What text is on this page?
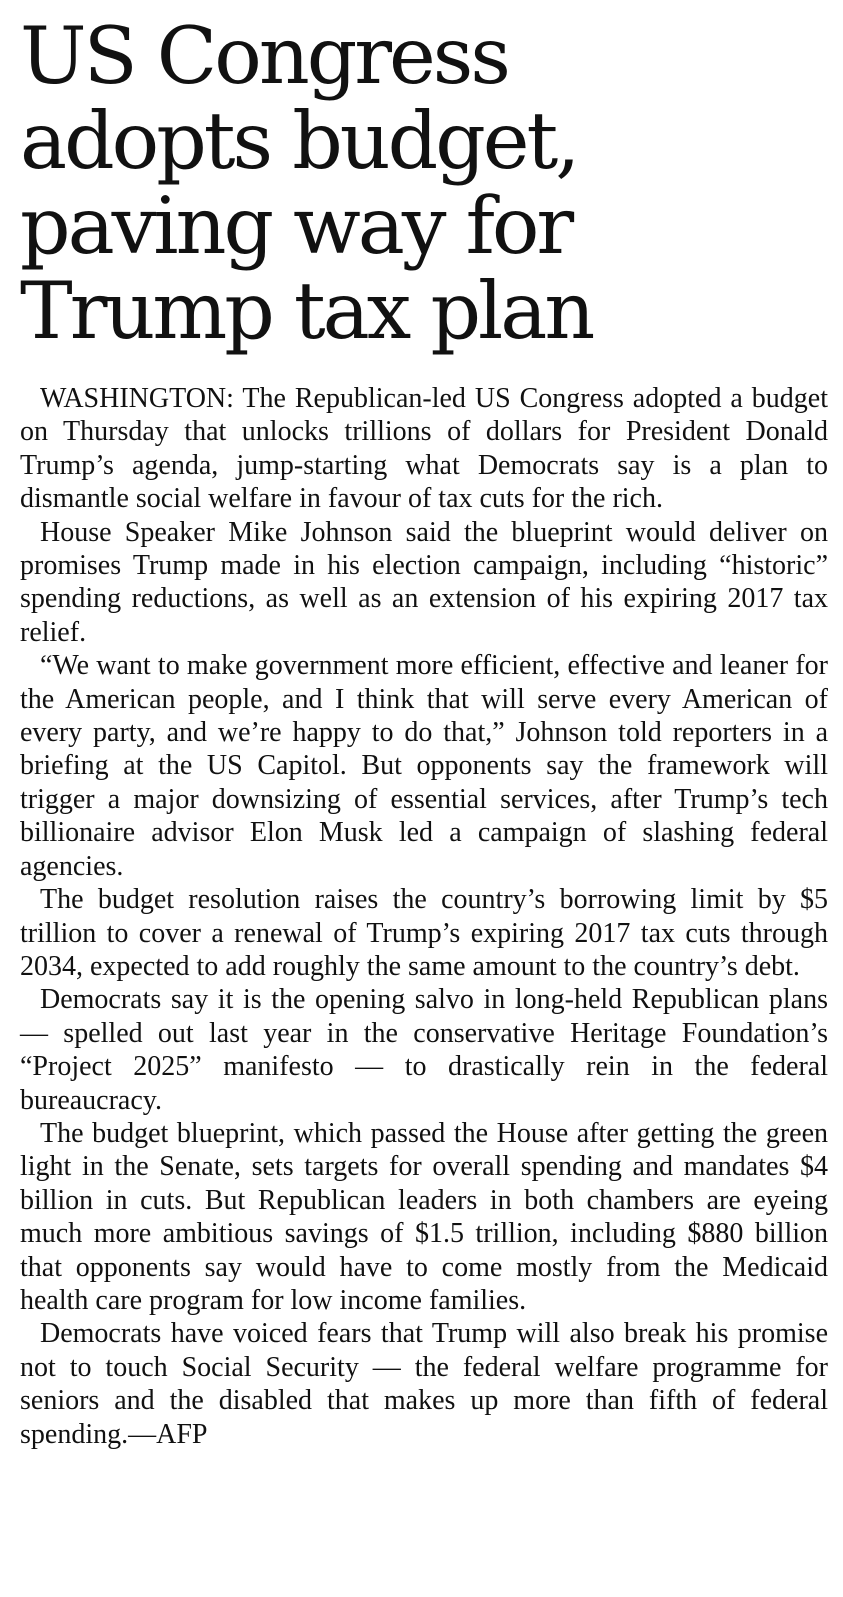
US Congress
adopts budget,
paving way for
Trump tax plan

WASHINGTON: The Republican-led US Congress adopted a budget on Thursday that unlocks trillions of dollars for President Donald Trump’s agenda, jump-starting what Democrats say is a plan to dismantle social welfare in favour of tax cuts for the rich.

House Speaker Mike Johnson said the blueprint would deliver on promises Trump made in his election campaign, including “historic” spending reductions, as well as an extension of his expiring 2017 tax relief.

“We want to make government more efficient, effective and leaner for the American people, and I think that will serve every American of every party, and we’re happy to do that,” Johnson told reporters in a briefing at the US Capitol. But opponents say the framework will trigger a major downsizing of essential services, after Trump’s tech billionaire advisor Elon Musk led a campaign of slashing federal agencies.

The budget resolution raises the country’s borrowing limit by $5 trillion to cover a renewal of Trump’s expiring 2017 tax cuts through 2034, expected to add roughly the same amount to the country’s debt.

Democrats say it is the opening salvo in long-held Republican plans — spelled out last year in the conservative Heritage Foundation’s “Project 2025” manifesto — to drastically rein in the federal bureaucracy.

The budget blueprint, which passed the House after getting the green light in the Senate, sets targets for overall spending and mandates $4 billion in cuts. But Republican leaders in both chambers are eyeing much more ambitious savings of $1.5 trillion, including $880 billion that opponents say would have to come mostly from the Medicaid health care program for low income families.

Democrats have voiced fears that Trump will also break his promise not to touch Social Security — the federal welfare programme for seniors and the disabled that makes up more than fifth of federal spending.—AFP
